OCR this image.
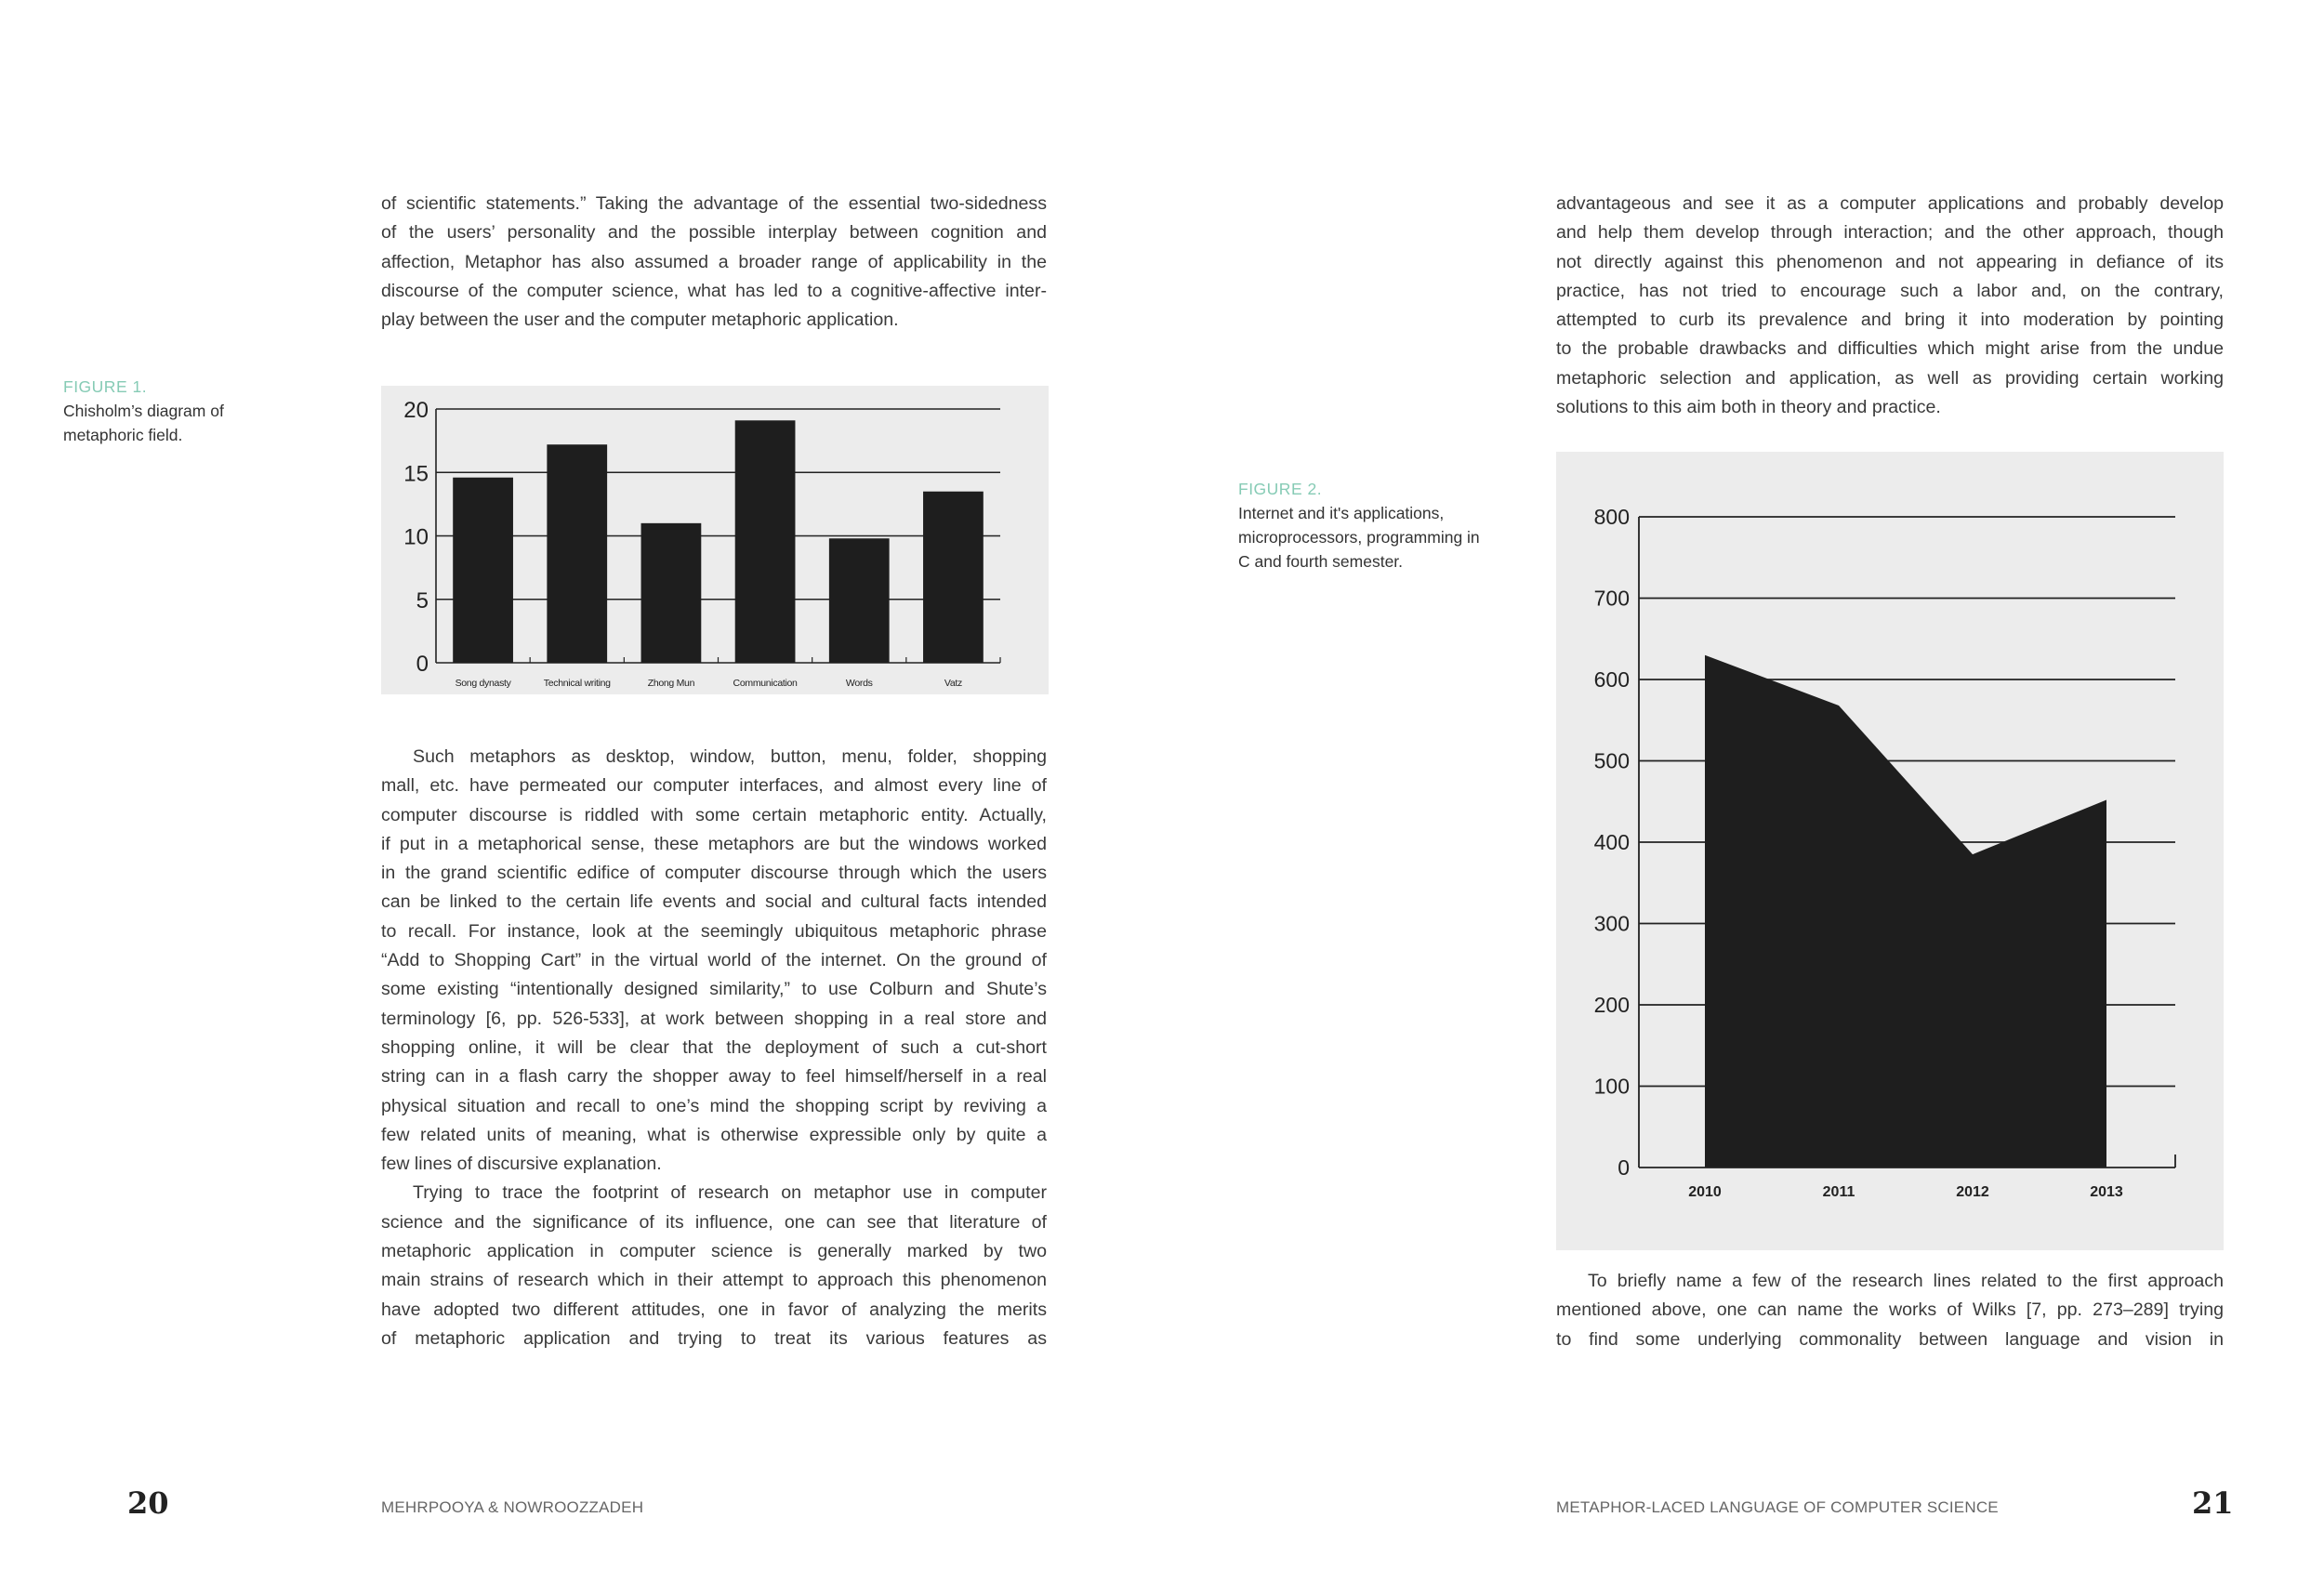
of scientific statements.” Taking the advantage of the essential two-sidedness
of the users’ personality and the possible interplay between cognition and
affection, Metaphor has also assumed a broader range of applicability in the
discourse of the computer science, what has led to a cognitive-affective inter-
play between the user and the computer metaphoric application.
FIGURE 1.
Chisholm’s diagram of
metaphoric field.
0
5
10
15
20
Song dynasty	Technical writing	Zhong Mun	Communication	Words	Vatz
Such metaphors as desktop, window, button, menu, folder, shopping
mall, etc. have permeated our computer interfaces, and almost every line of
computer discourse is riddled with some certain metaphoric entity. Actually,
if put in a metaphorical sense, these metaphors are but the windows worked
in the grand scientific edifice of computer discourse through which the users
can be linked to the certain life events and social and cultural facts intended
to recall. For instance, look at the seemingly ubiquitous metaphoric phrase
“Add to Shopping Cart” in the virtual world of the internet. On the ground of
some existing “intentionally designed similarity,” to use Colburn and Shute’s
terminology [6, pp. 526-533], at work between shopping in a real store and
shopping online, it will be clear that the deployment of such a cut-short
string can in a flash carry the shopper away to feel himself/herself in a real
physical situation and recall to one’s mind the shopping script by reviving a
few related units of meaning, what is otherwise expressible only by quite a
few lines of discursive explanation.
Trying to trace the footprint of research on metaphor use in computer
science and the significance of its influence, one can see that literature of
metaphoric application in computer science is generally marked by two
main strains of research which in their attempt to approach this phenomenon
have adopted two different attitudes, one in favor of analyzing the merits
of metaphoric application and trying to treat its various features as
20	MEHRPOOYA & NOWROOZZADEH
advantageous and see it as a computer applications and probably develop
and help them develop through interaction; and the other approach, though
not directly against this phenomenon and not appearing in defiance of its
practice, has not tried to encourage such a labor and, on the contrary,
attempted to curb its prevalence and bring it into moderation by pointing
to the probable drawbacks and difficulties which might arise from the undue
metaphoric selection and application, as well as providing certain working
solutions to this aim both in theory and practice.
FIGURE 2.
Internet and it's applications,
microprocessors, programming in
C and fourth semester.
0
100
200
300
400
500
600
700
800
2010	2011	2012	2013
To briefly name a few of the research lines related to the first approach
mentioned above, one can name the works of Wilks [7, pp. 273–289] trying
to find some underlying commonality between language and vision in
21
METAPHOR-LACED LANGUAGE OF COMPUTER SCIENCE
